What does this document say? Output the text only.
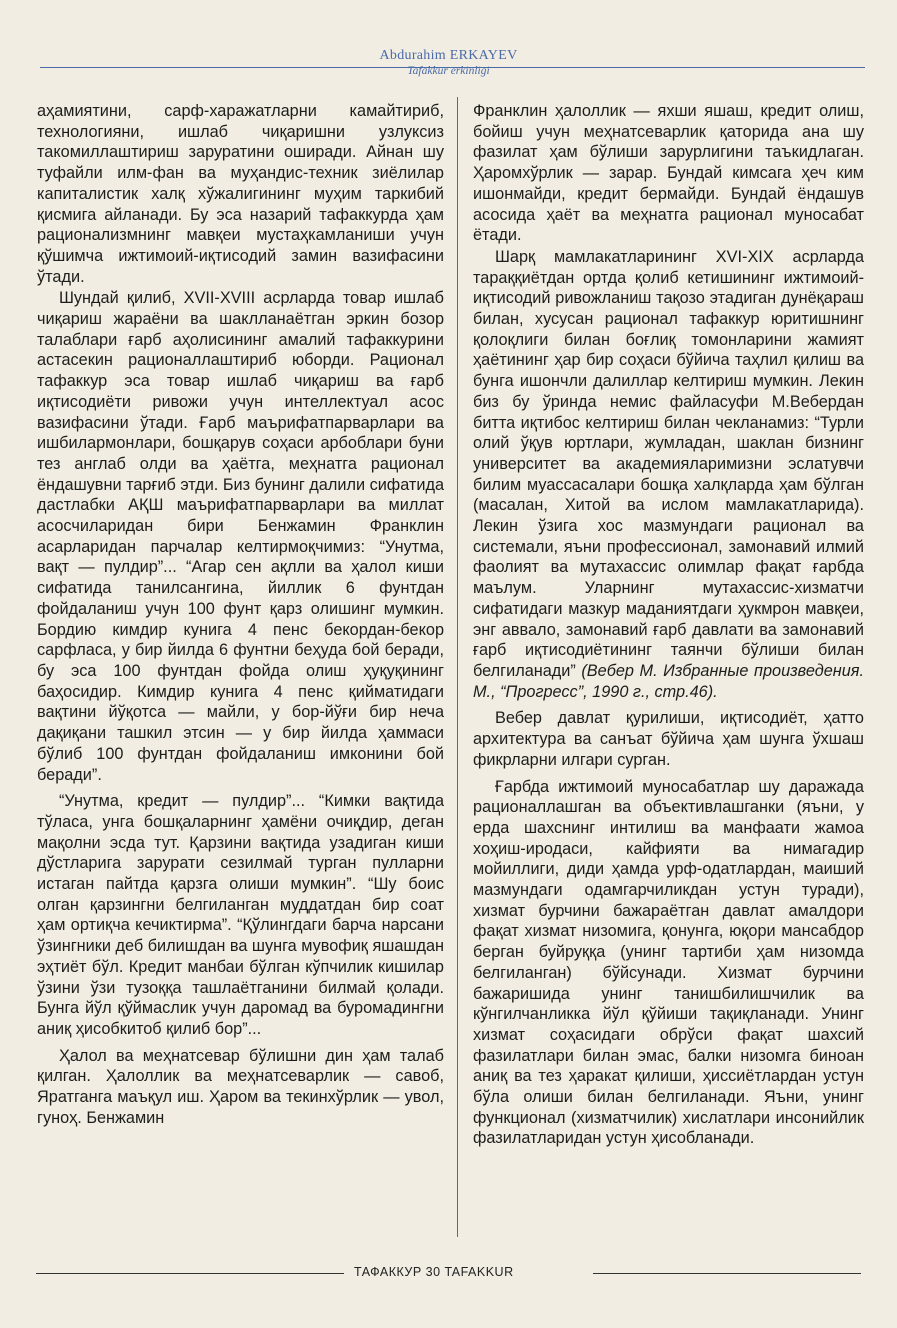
Abdurahim ERKAYEV
Tafakkur erkinligi

аҳамиятини, сарф-харажатларни камайтириб, технологияни, ишлаб чиқаришни узлуксиз такомиллаштириш заруратини оширади. Айнан шу туфайли илм-фан ва муҳандис-техник зиёлилар капиталистик халқ хўжалигининг муҳим таркибий қисмига айланади. Бу эса назарий тафаккурда ҳам рационализмнинг мавқеи мустаҳкамланиши учун қўшимча ижтимоий-иқтисодий замин вазифасини ўтади.

Шундай қилиб, XVII-XVIII асрларда товар ишлаб чиқариш жараёни ва шаклланаётган эркин бозор талаблари ғарб аҳолисининг амалий тафаккурини астасекин рационаллаштириб юборди. Рационал тафаккур эса товар ишлаб чиқариш ва ғарб иқтисодиёти ривожи учун интеллектуал асос вазифасини ўтади. Ғарб маърифатпарварлари ва ишбилармонлари, бошқарув соҳаси арбоблари буни тез англаб олди ва ҳаётга, меҳнатга рационал ёндашувни тарғиб этди. Биз бунинг далили сифатида дастлабки АҚШ маърифатпарварлари ва миллат асосчиларидан бири Бенжамин Франклин асарларидан парчалар келтирмоқчимиз: “Унутма, вақт — пулдир”... “Агар сен ақлли ва ҳалол киши сифатида танилсангина, йиллик 6 фунтдан фойдаланиш учун 100 фунт қарз олишинг мумкин. Бордию кимдир кунига 4 пенс бекордан-бекор сарфласа, у бир йилда 6 фунтни беҳуда бой беради, бу эса 100 фунтдан фойда олиш ҳуқуқининг баҳосидир. Кимдир кунига 4 пенс қийматидаги вақтини йўқотса — майли, у бор-йўғи бир неча дақиқани ташкил этсин — у бир йилда ҳаммаси бўлиб 100 фунтдан фойдаланиш имконини бой беради”.

“Унутма, кредит — пулдир”... “Кимки вақтида тўласа, унга бошқаларнинг ҳамёни очиқдир, деган мақолни эсда тут. Қарзини вақтида узадиган киши дўстларига зарурати сезилмай турган пулларни истаган пайтда қарзга олиши мумкин”. “Шу боис олган қарзингни белгиланган муддатдан бир соат ҳам ортиқча кечиктирма”. “Қўлингдаги барча нарсани ўзингники деб билишдан ва шунга мувофиқ яшашдан эҳтиёт бўл. Кредит манбаи бўлган кўпчилик кишилар ўзини ўзи тузоққа ташлаётганини билмай қолади. Бунга йўл қўймаслик учун даромад ва буромадингни аниқ ҳисобкитоб қилиб бор”...

Ҳалол ва меҳнатсевар бўлишни дин ҳам талаб қилган. Ҳалоллик ва меҳнатсеварлик — савоб, Яратганга маъқул иш. Ҳаром ва текинхўрлик — увол, гуноҳ. Бенжамин

Франклин ҳалоллик — яхши яшаш, кредит олиш, бойиш учун меҳнатсеварлик қаторида ана шу фазилат ҳам бўлиши зарурлигини таъкидлаган. Ҳаромхўрлик — зарар. Бундай кимсага ҳеч ким ишонмайди, кредит бермайди. Бундай ёндашув асосида ҳаёт ва меҳнатга рационал муносабат ётади.

Шарқ мамлакатларининг XVI-XIX асрларда тараққиётдан ортда қолиб кетишининг ижтимоий-иқтисодий ривожланиш тақозо этадиган дунёқараш билан, хусусан рационал тафаккур юритишнинг қолоқлиги билан боғлиқ томонларини жамият ҳаётининг ҳар бир соҳаси бўйича таҳлил қилиш ва бунга ишончли далиллар келтириш мумкин. Лекин биз бу ўринда немис файласуфи М.Вебердан битта иқтибос келтириш билан чекланамиз: “Турли олий ўқув юртлари, жумладан, шаклан бизнинг университет ва академияларимизни эслатувчи билим муассасалари бошқа халқларда ҳам бўлган (масалан, Хитой ва ислом мамлакатларида). Лекин ўзига хос мазмундаги рационал ва системали, яъни профессионал, замонавий илмий фаолият ва мутахассис олимлар фақат ғарбда маълум. Уларнинг мутахассис-хизматчи сифатидаги мазкур маданиятдаги ҳукмрон мавқеи, энг аввало, замонавий ғарб давлати ва замонавий ғарб иқтисодиётининг таянчи бўлиши билан белгиланади” (Вебер М. Избранные произведения. М., “Прогресс”, 1990 г., стр.46).

Вебер давлат қурилиши, иқтисодиёт, ҳатто архитектура ва санъат бўйича ҳам шунга ўхшаш фикрларни илгари сурган.

Ғарбда ижтимоий муносабатлар шу даражада рационаллашган ва объективлашганки (яъни, у ерда шахснинг интилиш ва манфаати жамоа хоҳиш-иродаси, кайфияти ва нимагадир мойиллиги, диди ҳамда урф-одатлардан, маиший мазмундаги одамгарчиликдан устун туради), хизмат бурчини бажараётган давлат амалдори фақат хизмат низомига, қонунга, юқори мансабдор берган буйруққа (унинг тартиби ҳам низомда белгиланган) бўйсунади. Хизмат бурчини бажаришида унинг танишбилишчилик ва кўнгилчанликка йўл қўйиши тақиқланади. Унинг хизмат соҳасидаги обрўси фақат шахсий фазилатлари билан эмас, балки низомга биноан аниқ ва тез ҳаракат қилиши, ҳиссиётлардан устун бўла олиши билан белгиланади. Яъни, унинг функционал (хизматчилик) хислатлари инсонийлик фазилатларидан устун ҳисобланади.

ТАФАККУР 30 TAFAKKUR
